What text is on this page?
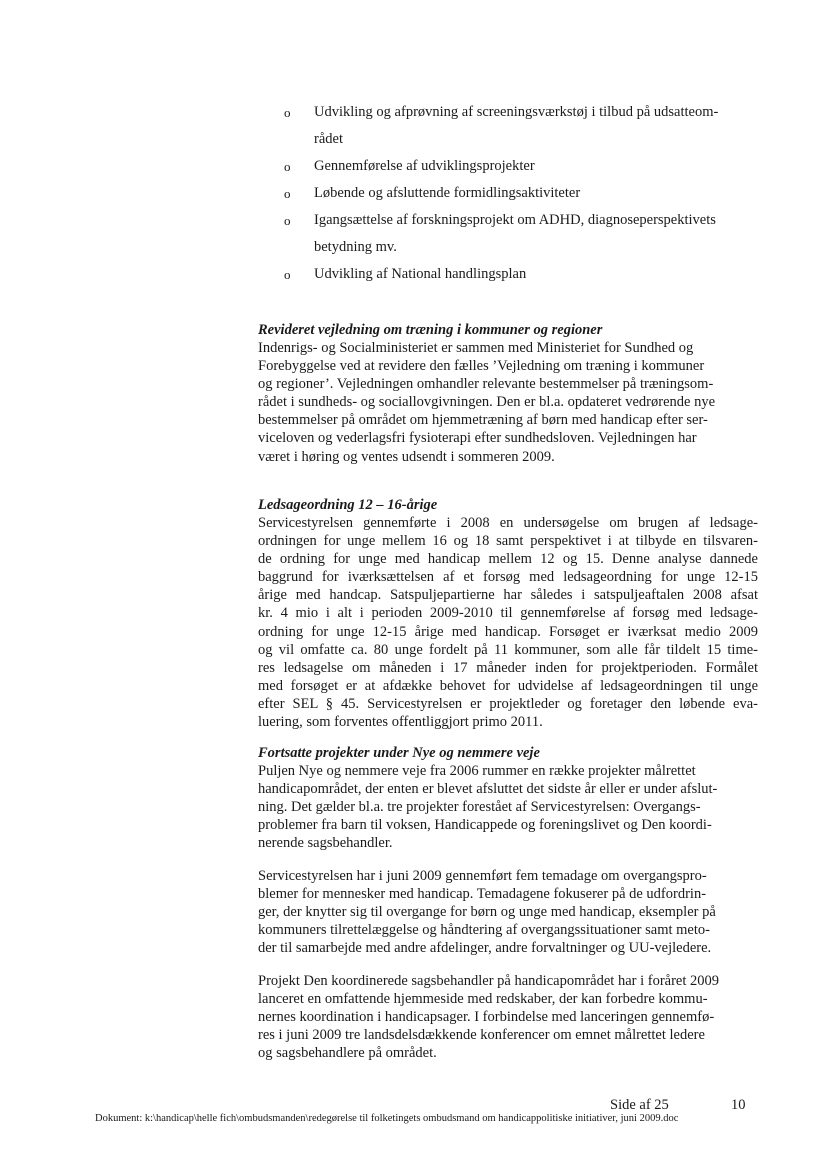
o Udvikling og afprøvning af screeningsværkstøj i tilbud på udsatteom-
rådet
o Gennemførelse af udviklingsprojekter
o Løbende og afsluttende formidlingsaktiviteter
o Igangsættelse af forskningsprojekt om ADHD, diagnoseperspektivets
betydning mv.
o Udvikling af National handlingsplan
Revideret vejledning om træning i kommuner og regioner
Indenrigs- og Socialministeriet er sammen med Ministeriet for Sundhed og
Forebyggelse ved at revidere den fælles ’Vejledning om træning i kommuner
og regioner’. Vejledningen omhandler relevante bestemmelser på træningsom-
rådet i sundheds- og sociallovgivningen. Den er bl.a. opdateret vedrørende nye
bestemmelser på området om hjemmetræning af børn med handicap efter ser-
viceloven og vederlagsfri fysioterapi efter sundhedsloven. Vejledningen har
været i høring og ventes udsendt i sommeren 2009.
Ledsageordning 12 – 16-årige
Servicestyrelsen gennemførte i 2008 en undersøgelse om brugen af ledsage-
ordningen for unge mellem 16 og 18 samt perspektivet i at tilbyde en tilsvaren-
de ordning for unge med handicap mellem 12 og 15. Denne analyse dannede
baggrund for iværksættelsen af et forsøg med ledsageordning for unge 12-15
årige med handcap. Satspuljepartierne har således i satspuljeaftalen 2008 afsat
kr. 4 mio i alt i perioden 2009-2010 til gennemførelse af forsøg med ledsage-
ordning for unge 12-15 årige med handicap. Forsøget er iværksat medio 2009
og vil omfatte ca. 80 unge fordelt på 11 kommuner, som alle får tildelt 15 time-
res ledsagelse om måneden i 17 måneder inden for projektperioden. Formålet
med forsøget er at afdække behovet for udvidelse af ledsageordningen til unge
efter SEL § 45. Servicestyrelsen er projektleder og foretager den løbende eva-
luering, som forventes offentliggjort primo 2011.
Fortsatte projekter under Nye og nemmere veje
Puljen Nye og nemmere veje fra 2006 rummer en række projekter målrettet
handicapområdet, der enten er blevet afsluttet det sidste år eller er under afslut-
ning. Det gælder bl.a. tre projekter forestået af Servicestyrelsen: Overgangs-
problemer fra barn til voksen, Handicappede og foreningslivet og Den koordi-
nerende sagsbehandler.
Servicestyrelsen har i juni 2009 gennemført fem temadage om overgangspro-
blemer for mennesker med handicap. Temadagene fokuserer på de udfordrin-
ger, der knytter sig til overgange for børn og unge med handicap, eksempler på
kommuners tilrettelæggelse og håndtering af overgangssituationer samt meto-
der til samarbejde med andre afdelinger, andre forvaltninger og UU-vejledere.
Projekt Den koordinerede sagsbehandler på handicapområdet har i foråret 2009
lanceret en omfattende hjemmeside med redskaber, der kan forbedre kommu-
nernes koordination i handicapsager. I forbindelse med lanceringen gennemfø-
res i juni 2009 tre landsdelsdækkende konferencer om emnet målrettet ledere
og sagsbehandlere på området.
Side af 25	10
Dokument: k:\handicap\helle fich\ombudsmanden\redegørelse til folketingets ombudsmand om handicappolitiske initiativer, juni 2009.doc
